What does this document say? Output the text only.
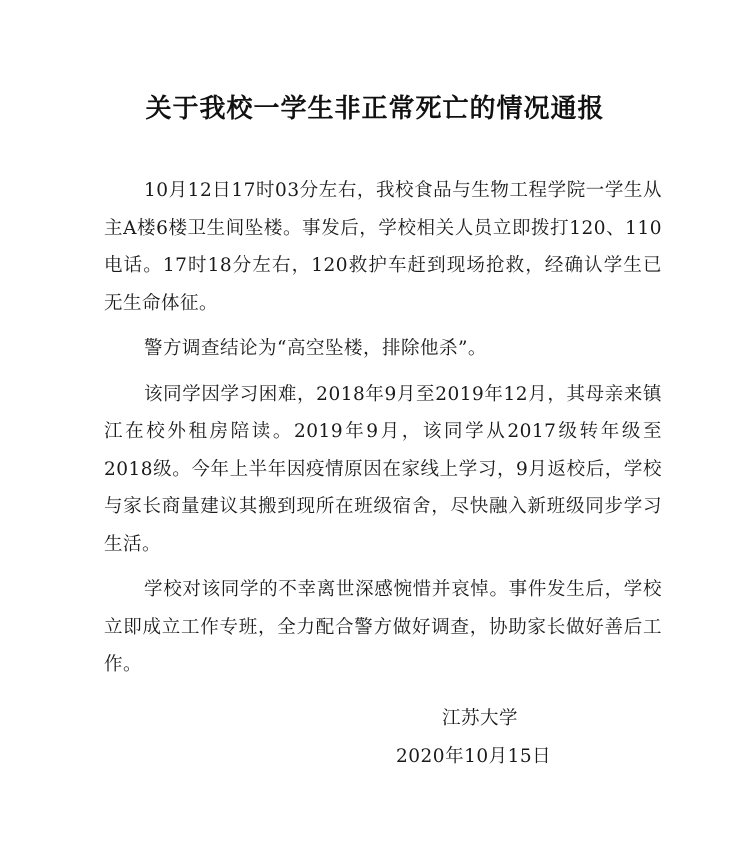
关于我校一学生非正常死亡的情况通报

10月12日17时03分左右，我校食品与生物工程学院一学生从主A楼6楼卫生间坠楼。事发后，学校相关人员立即拨打120、110电话。17时18分左右，120救护车赶到现场抢救，经确认学生已无生命体征。

警方调查结论为“高空坠楼，排除他杀”。

该同学因学习困难，2018年9月至2019年12月，其母亲来镇江在校外租房陪读。2019年9月，该同学从2017级转年级至2018级。今年上半年因疫情原因在家线上学习，9月返校后，学校与家长商量建议其搬到现所在班级宿舍，尽快融入新班级同步学习生活。

学校对该同学的不幸离世深感惋惜并哀悼。事件发生后，学校立即成立工作专班，全力配合警方做好调查，协助家长做好善后工作。

江苏大学
2020年10月15日
